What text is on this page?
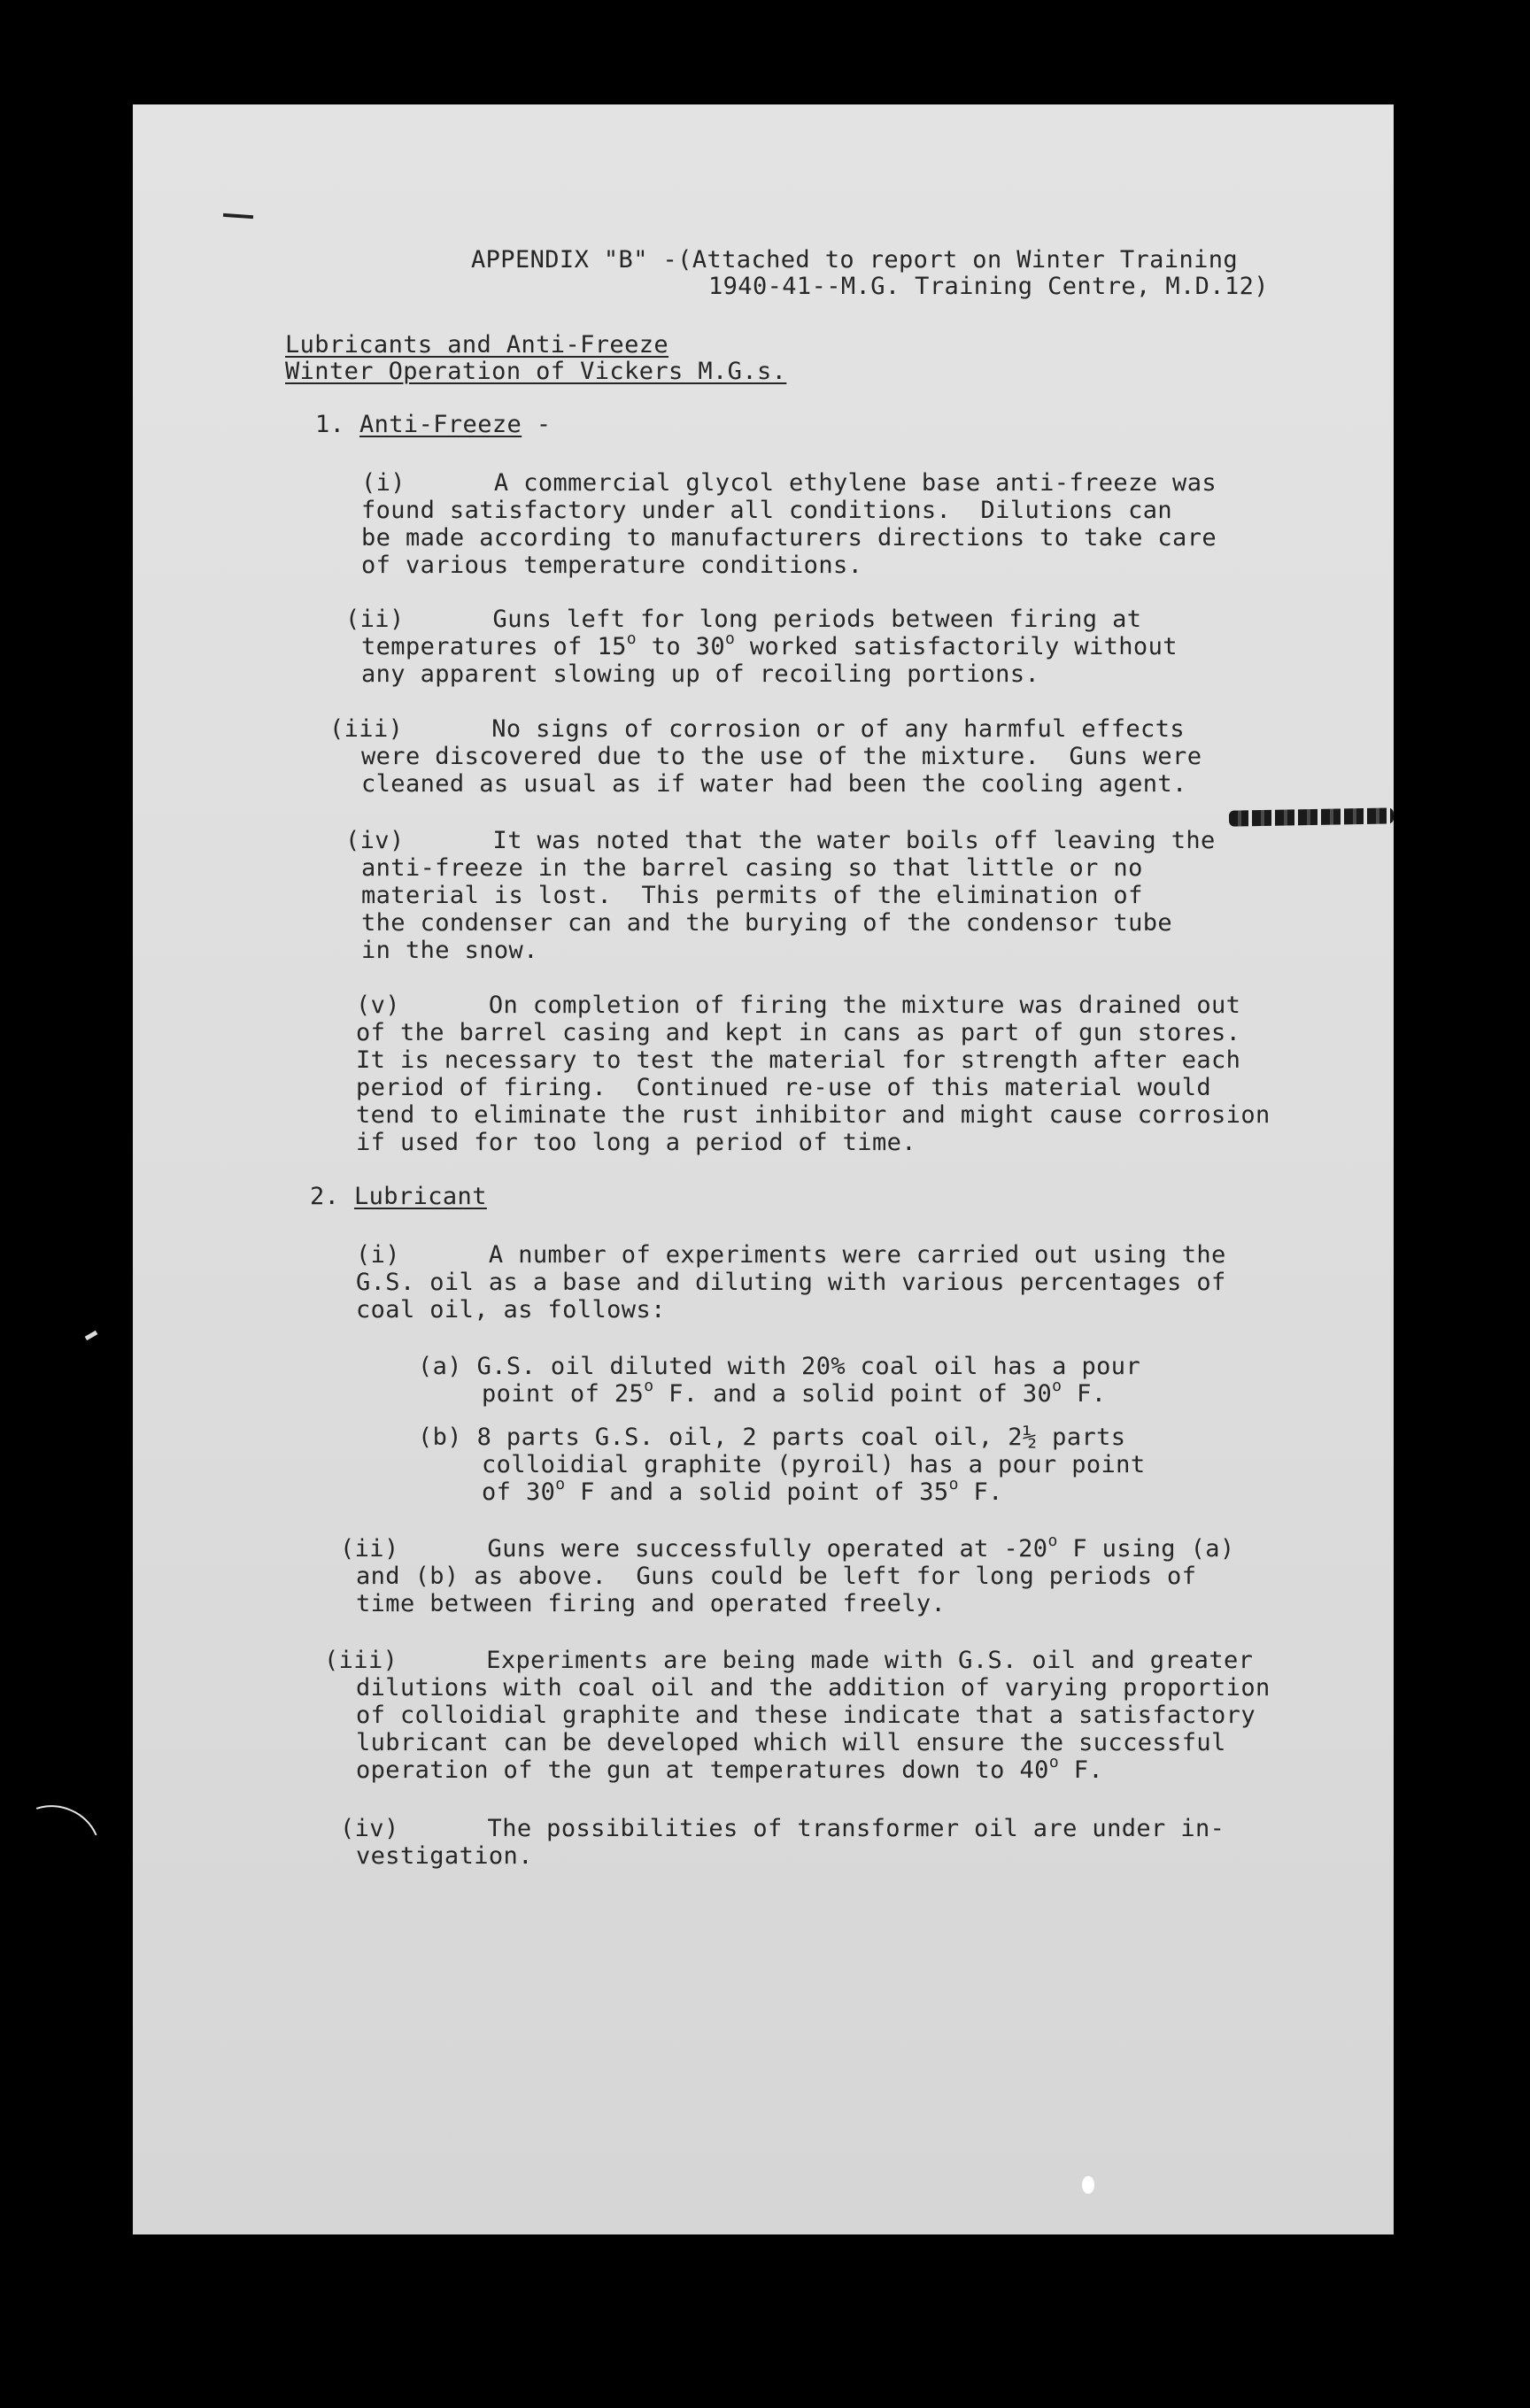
APPENDIX "B" -(Attached to report on Winter Training
1940-41--M.G. Training Centre, M.D.12)
Lubricants and Anti-Freeze
Winter Operation of Vickers M.G.s.
1. Anti-Freeze -
(i)      A commercial glycol ethylene base anti-freeze was
found satisfactory under all conditions.  Dilutions can
be made according to manufacturers directions to take care
of various temperature conditions.
(ii)      Guns left for long periods between firing at
temperatures of 15$^o$ to 30$^o$ worked satisfactorily without
any apparent slowing up of recoiling portions.
(iii)      No signs of corrosion or of any harmful effects
were discovered due to the use of the mixture.  Guns were
cleaned as usual as if water had been the cooling agent.
(iv)      It was noted that the water boils off leaving the
anti-freeze in the barrel casing so that little or no
material is lost.  This permits of the elimination of
the condenser can and the burying of the condensor tube
in the snow.
(v)      On completion of firing the mixture was drained out
of the barrel casing and kept in cans as part of gun stores.
It is necessary to test the material for strength after each
period of firing.  Continued re-use of this material would
tend to eliminate the rust inhibitor and might cause corrosion
if used for too long a period of time.
2. Lubricant
(i)      A number of experiments were carried out using the
G.S. oil as a base and diluting with various percentages of
coal oil, as follows:
(a) G.S. oil diluted with 20% coal oil has a pour
point of 25$^o$ F. and a solid point of 30$^o$ F.
(b) 8 parts G.S. oil, 2 parts coal oil, 2½ parts
colloidial graphite (pyroil) has a pour point
of 30$^o$ F and a solid point of 35$^o$ F.
(ii)      Guns were successfully operated at -20$^o$ F using (a)
and (b) as above.  Guns could be left for long periods of
time between firing and operated freely.
(iii)      Experiments are being made with G.S. oil and greater
dilutions with coal oil and the addition of varying proportion
of colloidial graphite and these indicate that a satisfactory
lubricant can be developed which will ensure the successful
operation of the gun at temperatures down to 40$^o$ F.
(iv)      The possibilities of transformer oil are under in-
vestigation.
